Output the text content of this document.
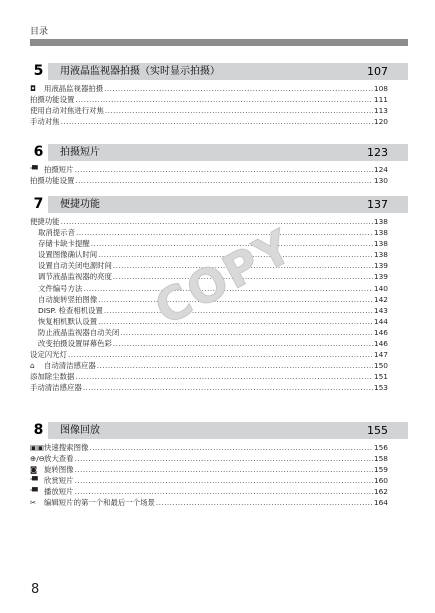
目录
5	用液晶监视器拍摄（实时显示拍摄）	107
◘ 用液晶监视器拍摄 .....	108
拍摄功能设置 .....	111
使用自动对焦进行对焦 .....	113
手动对焦 .....	120
6	拍摄短片	123
'▀ 拍摄短片 .....	124
拍摄功能设置 .....	130
7	便捷功能	137
便捷功能 .....	138
取消提示音 .....	138
存储卡缺卡提醒 .....	138
设置图像确认时间 .....	138
设置自动关闭电源时间 .....	139
调节液晶监视器的亮度 .....	139
文件编号方法 .....	140
自动旋转竖拍图像 .....	142
DISP. 检查相机设置 .....	143
恢复相机默认设置 .....	144
防止液晶监视器自动关闭 .....	146
改变拍摄设置屏幕色彩 .....	146
设定闪光灯 .....	147
⌂ 自动清洁感应器 .....	150
添加除尘数据 .....	151
手动清洁感应器 .....	153
8	图像回放	155
▣▣快速搜索图像 .....	156
⊕/⊖放大查看 .....	158
◙ 旋转图像 .....	159
'▀ 欣赏短片 .....	160
'▀ 播放短片 .....	162
✂ 编辑短片的第一个和最后一个场景 .....	164
COPY
8
